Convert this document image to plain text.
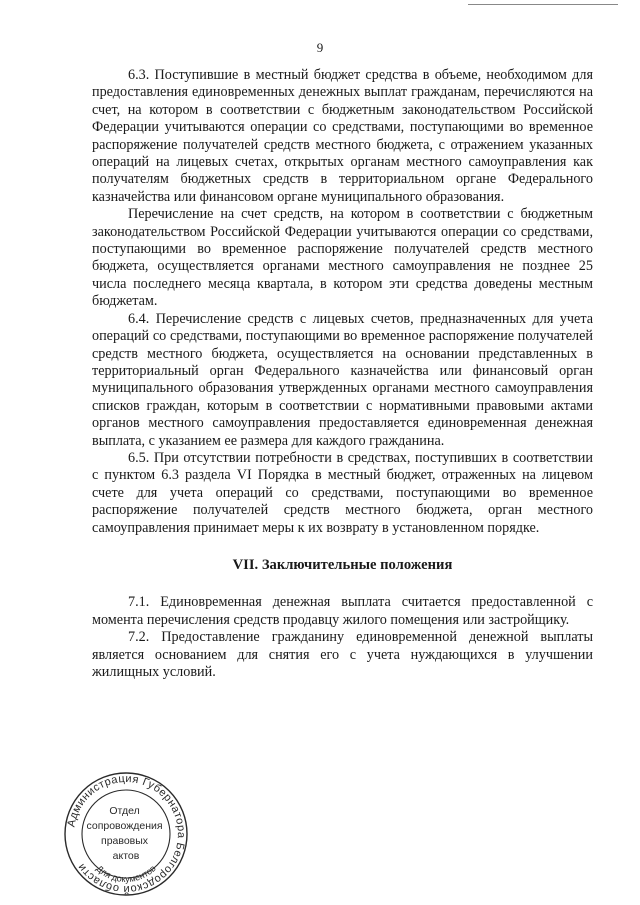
9

6.3. Поступившие в местный бюджет средства в объеме, необходимом для предоставления единовременных денежных выплат гражданам, перечисляются на счет, на котором в соответствии с бюджетным законодательством Российской Федерации учитываются операции со средствами, поступающими во временное распоряжение получателей средств местного бюджета, с отражением указанных операций на лицевых счетах, открытых органам местного самоуправления как получателям бюджетных средств в территориальном органе Федерального казначейства или финансовом органе муниципального образования.

Перечисление на счет средств, на котором в соответствии с бюджетным законодательством Российской Федерации учитываются операции со средствами, поступающими во временное распоряжение получателей средств местного бюджета, осуществляется органами местного самоуправления не позднее 25 числа последнего месяца квартала, в котором эти средства доведены местным бюджетам.

6.4. Перечисление средств с лицевых счетов, предназначенных для учета операций со средствами, поступающими во временное распоряжение получателей средств местного бюджета, осуществляется на основании представленных в территориальный орган Федерального казначейства или финансовый орган муниципального образования утвержденных органами местного самоуправления списков граждан, которым в соответствии с нормативными правовыми актами органов местного самоуправления предоставляется единовременная денежная выплата, с указанием ее размера для каждого гражданина.

6.5. При отсутствии потребности в средствах, поступивших в соответствии с пунктом 6.3 раздела VI Порядка в местный бюджет, отраженных на лицевом счете для учета операций со средствами, поступающими во временное распоряжение получателей средств местного бюджета, орган местного самоуправления принимает меры к их возврату в установленном порядке.

VII. Заключительные положения

7.1. Единовременная денежная выплата считается предоставленной с момента перечисления средств продавцу жилого помещения или застройщику.

7.2. Предоставление гражданину единовременной денежной выплаты является основанием для снятия его с учета нуждающихся в улучшении жилищных условий.

Администрация Губернатора Белгородской области
Отдел сопровождения правовых актов
Для документов
